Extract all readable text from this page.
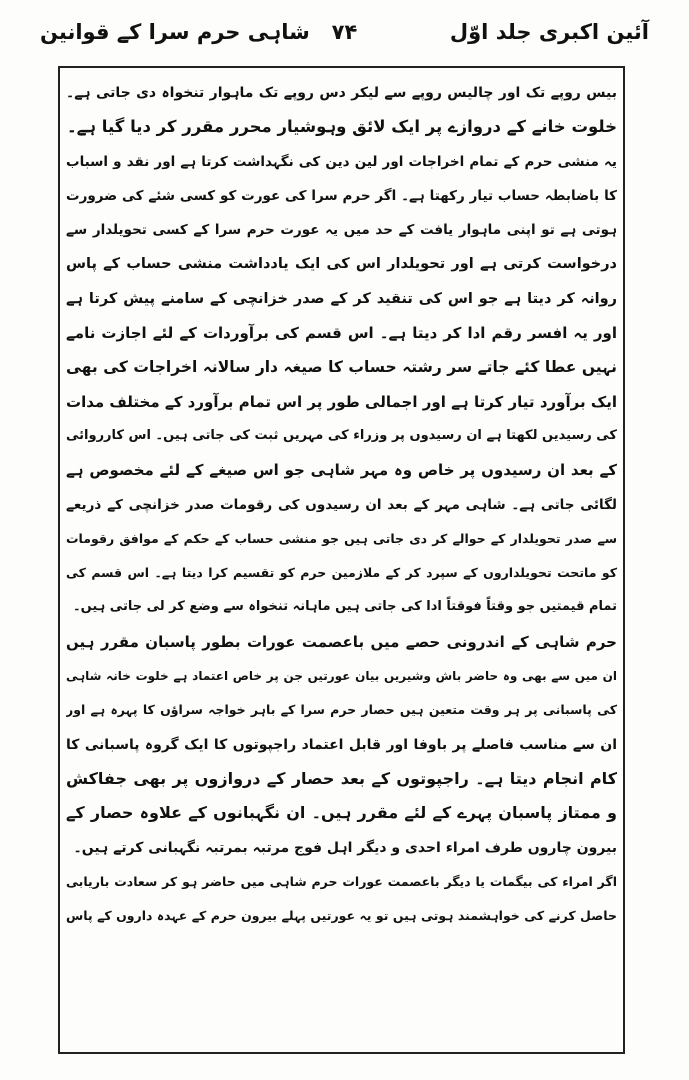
آئین اکبری جلد اوّل
۷۴
شاہی حرم سرا کے قوانین
بیس روپے تک اور چالیس روپے سے لیکر دس روپے تک ماہوار تنخواہ دی جاتی ہے۔
خلوت خانے کے دروازے پر ایک لائق وہوشیار محرر مقرر کر دیا گیا ہے۔
یہ منشی حرم کے تمام اخراجات اور لین دین کی نگہداشت کرتا ہے اور نقد و اسباب
کا باضابطہ حساب تیار رکھتا ہے۔ اگر حرم سرا کی عورت کو کسی شئے کی ضرورت
ہوتی ہے تو اپنی ماہوار یافت کے حد میں یہ عورت حرم سرا کے کسی تحویلدار سے
درخواست کرتی ہے اور تحویلدار اس کی ایک یادداشت منشی حساب کے پاس
روانہ کر دیتا ہے جو اس کی تنقید کر کے صدر خزانچی کے سامنے پیش کرتا ہے
اور یہ افسر رقم ادا کر دیتا ہے۔ اس قسم کی برآوردات کے لئے اجازت نامے
نہیں عطا کئے جاتے سر رشتہ حساب کا صیغہ دار سالانہ اخراجات کی بھی
ایک برآورد تیار کرتا ہے اور اجمالی طور پر اس تمام برآورد کے مختلف مدات
کی رسیدیں لکھتا ہے ان رسیدوں پر وزراء کی مہریں ثبت کی جاتی ہیں۔ اس کارروائی
کے بعد ان رسیدوں پر خاص وہ مہر شاہی جو اس صیغے کے لئے مخصوص ہے
لگائی جاتی ہے۔ شاہی مہر کے بعد ان رسیدوں کی رقومات صدر خزانچی کے ذریعے
سے صدر تحویلدار کے حوالے کر دی جاتی ہیں جو منشی حساب کے حکم کے موافق رقومات
کو ماتحت تحویلداروں کے سپرد کر کے ملازمین حرم کو تقسیم کرا دیتا ہے۔ اس قسم کی
تمام قیمتیں جو وقتاً فوقتاً ادا کی جاتی ہیں ماہانہ تنخواہ سے وضع کر لی جاتی ہیں۔
حرم شاہی کے اندرونی حصے میں باعصمت عورات بطور پاسبان مقرر ہیں
ان میں سے بھی وہ حاضر باش وشیریں بیان عورتیں جن پر خاص اعتماد ہے خلوت خانہ شاہی
کی پاسبانی پر ہر وقت متعین ہیں حصار حرم سرا کے باہر خواجہ سراؤں کا پہرہ ہے اور
ان سے مناسب فاصلے پر باوفا اور قابل اعتماد راجپوتوں کا ایک گروہ پاسبانی کا
کام انجام دیتا ہے۔ راجپوتوں کے بعد حصار کے دروازوں پر بھی جفاکش
و ممتاز پاسبان پہرے کے لئے مقرر ہیں۔ ان نگہبانوں کے علاوہ حصار کے
بیرون چاروں طرف امراء احدی و دیگر اہل فوج مرتبہ بمرتبہ نگہبانی کرتے ہیں۔
اگر امراء کی بیگمات یا دیگر باعصمت عورات حرم شاہی میں حاضر ہو کر سعادت باریابی
حاصل کرنے کی خواہشمند ہوتی ہیں تو یہ عورتیں پہلے بیرون حرم کے عہدہ داروں کے پاس
